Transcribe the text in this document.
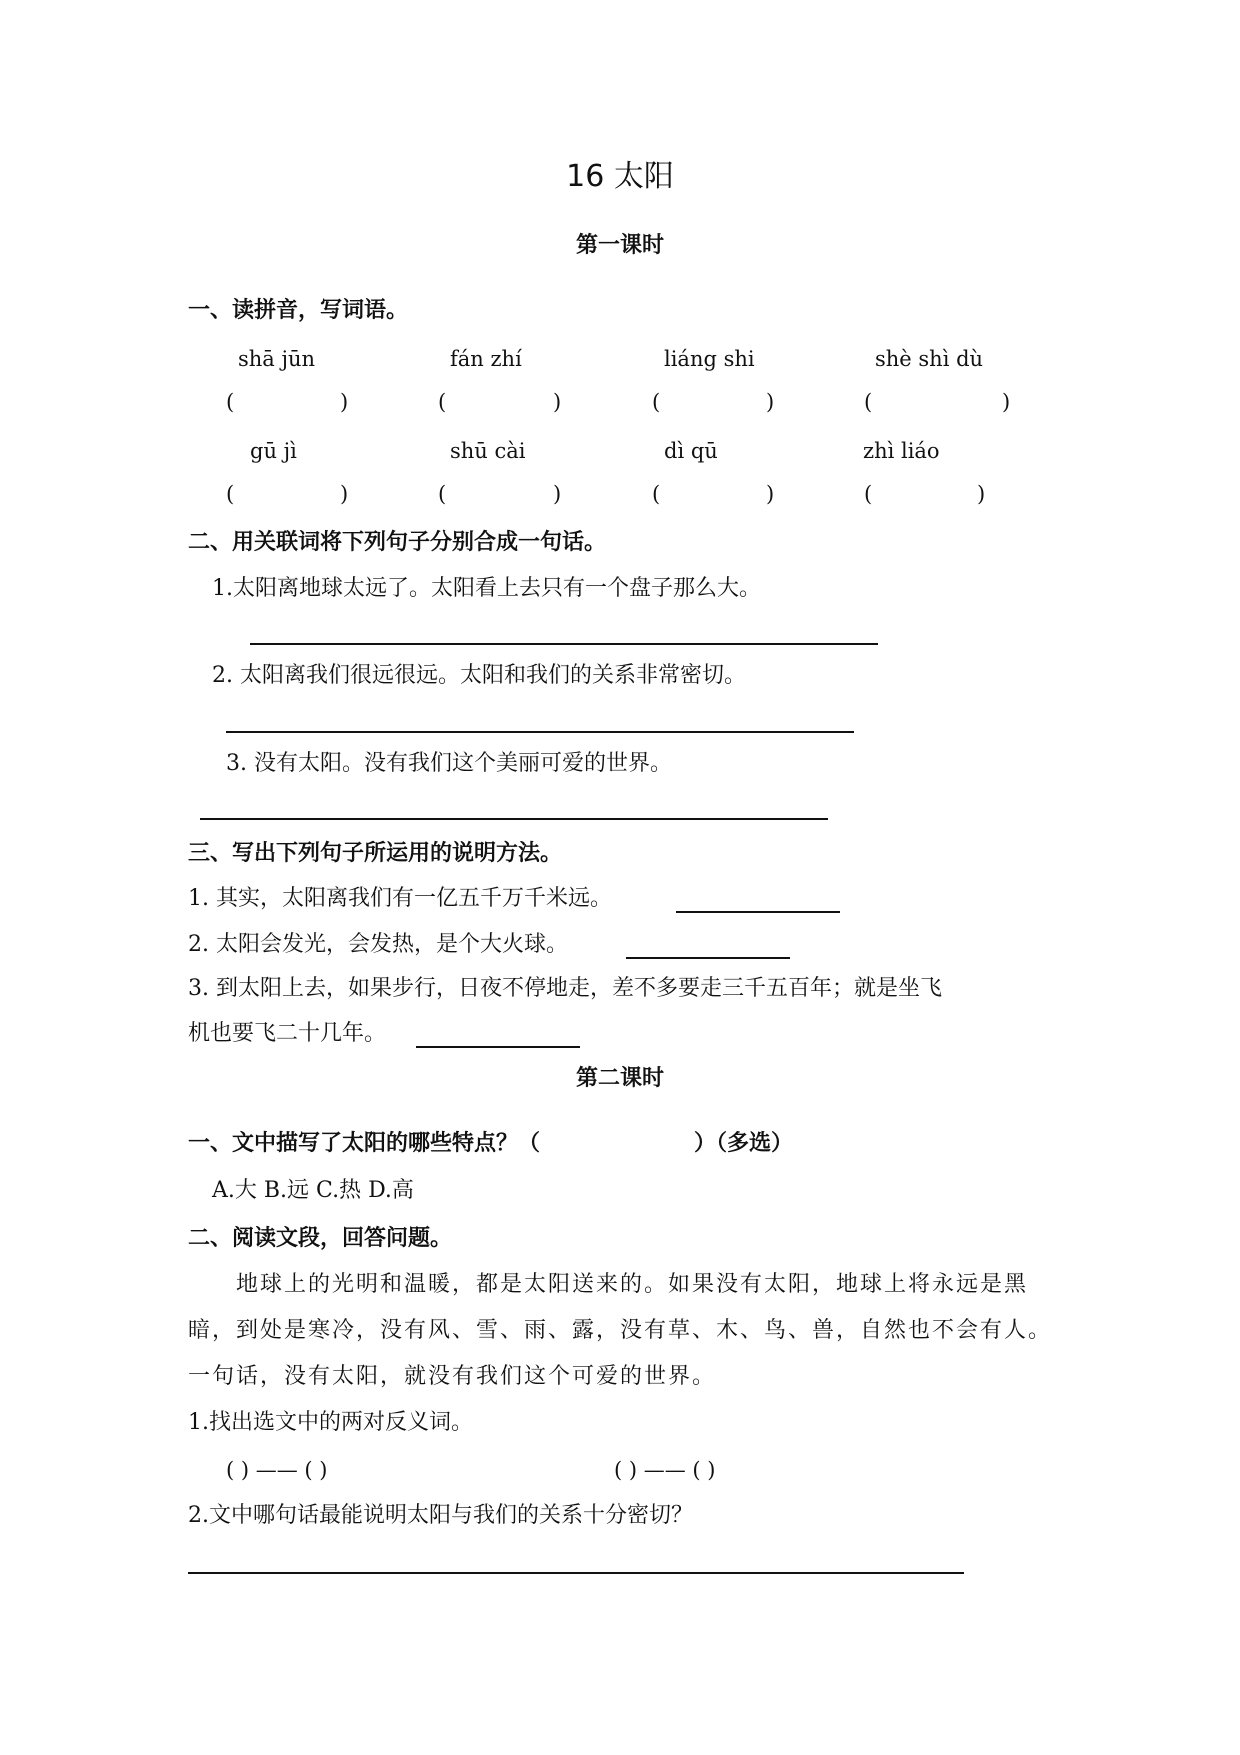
16 太阳
第一课时
一、读拼音，写词语。
shā jūn	fán zhí	liáng shi	shè shì dù
(	)	(	)	(	)	(	)
gū jì	shū cài	dì qū	zhì liáo
(	)	(	)	(	)	(	)
二、用关联词将下列句子分别合成一句话。
1.太阳离地球太远了。太阳看上去只有一个盘子那么大。
2. 太阳离我们很远很远。太阳和我们的关系非常密切。
3. 没有太阳。没有我们这个美丽可爱的世界。
三、写出下列句子所运用的说明方法。
1. 其实，太阳离我们有一亿五千万千米远。
2. 太阳会发光，会发热，是个大火球。
3. 到太阳上去，如果步行，日夜不停地走，差不多要走三千五百年；就是坐飞
机也要飞二十几年。
第二课时
一、文中描写了太阳的哪些特点？（	）（多选）
A.大 B.远 C.热 D.高
二、阅读文段，回答问题。
地球上的光明和温暖，都是太阳送来的。如果没有太阳，地球上将永远是黑
暗，到处是寒冷，没有风、雪、雨、露，没有草、木、鸟、兽，自然也不会有人。
一句话，没有太阳，就没有我们这个可爱的世界。
1.找出选文中的两对反义词。
( ) —— ( )	( ) —— ( )
2.文中哪句话最能说明太阳与我们的关系十分密切？
